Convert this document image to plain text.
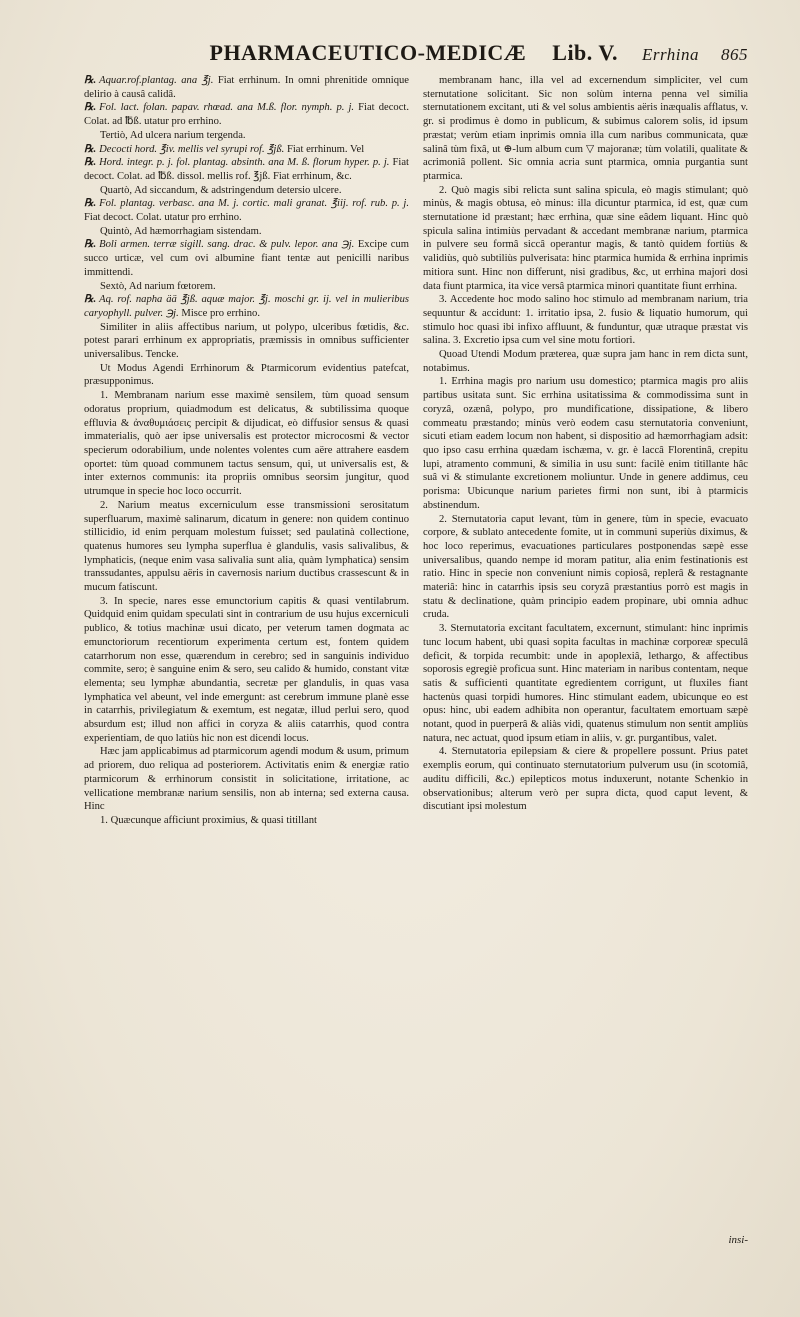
PHARMACEUTICO-MEDICÆ Lib. V. Errhina 865

℞. Aquar.rof.plantag. ana ℥j. Fiat errhinum. In omni phrenitide omnique delirio à causâ calidâ.

℞. Fol. lact. folan. papav. rhœad. ana M.ß. flor. nymph. p. j. Fiat decoct. Colat. ad ℔ß. utatur pro errhino.

Tertiò, Ad ulcera narium tergenda.

℞. Decocti hord. ℥iv. mellis vel syrupi rof. ℥jß. Fiat errhinum. Vel

℞. Hord. integr. p. j. fol. plantag. absinth. ana M. ß. florum hyper. p. j. Fiat decoct. Colat. ad ℔ß. dissol. mellis rof. ℥jß. Fiat errhinum, &c.

Quartò, Ad siccandum, & adstringendum detersio ulcere.

℞. Fol. plantag. verbasc. ana M. j. cortic. mali granat. ℥iij. rof. rub. p. j. Fiat decoct. Colat. utatur pro errhino.

Quintò, Ad hæmorrhagiam sistendam.

℞. Boli armen. terræ sigill. sang. drac. & pulv. lepor. ana ℈j. Excipe cum succo urticæ, vel cum ovi albumine fiant tentæ aut penicilli naribus immittendi.

Sextò, Ad narium fœtorem.

℞. Aq. rof. napha ää ℥jß. aquæ major. ℥j. moschi gr. ij. vel in mulieribus caryophyll. pulver. ℈j. Misce pro errhino.

Similiter in aliis affectibus narium, ut polypo, ulceribus fœtidis, &c. potest parari errhinum ex appropriatis, præmissis in omnibus sufficienter universalibus. Tencke.

Ut Modus Agendi Errhinorum & Ptarmicorum evidentius patefcat, præsupponimus.

1. Membranam narium esse maximè sensilem, tùm quoad sensum odoratus proprium, quiadmodum est delicatus, & subtilissima quoque effluvia & ἀναθυμιάσεις percipit & dijudicat, eò diffusior sensus & quasi immaterialis, quò aer ipse universalis est protector microcosmi & vector specierum odorabilium, unde nolentes volentes cum aëre attrahere easdem oportet: tùm quoad communem tactus sensum, qui, ut universalis est, & inter externos communis: ita propriis omnibus seorsim jungitur, quod utrumque in specie hoc loco occurrit.

2. Narium meatus excerniculum esse transmissioni serositatum superfluarum, maximè salinarum, dicatum in genere: non quidem continuo stillicidio, id enim perquam molestum fuisset; sed paulatinà collectione, quatenus humores seu lympha superflua è glandulis, vasis salivalibus, & lymphaticis, (neque enim vasa salivalia sunt alia, quàm lymphatica) sensim transsudantes, appulsu aëris in cavernosis narium ductibus crassescunt & in mucum fatiscunt.

3. In specie, nares esse emunctorium capitis & quasi ventilabrum. Quidquid enim quidam speculati sint in contrarium de usu hujus excerniculi publico, & totius machinæ usui dicato, per veterum tamen dogmata ac emunctoriorum recentiorum experimenta certum est, fontem quidem catarrhorum non esse, quærendum in cerebro; sed in sanguinis individuo commite, sero; è sanguine enim & sero, seu calido & humido, constant vitæ elementa; seu lymphæ abundantia, secretæ per glandulis, in quas vasa lymphatica vel abeunt, vel inde emergunt: ast cerebrum immune planè esse in catarrhis, privilegiatum & exemtum, est negatæ, illud perlui sero, quod absurdum est; illud non affici in coryza & aliis catarrhis, quod contra experientiam, de quo latiùs hic non est dicendi locus.

Hæc jam applicabimus ad ptarmicorum agendi modum & usum, primum ad priorem, duo reliqua ad posteriorem. Activitatis enim & energiæ ratio ptarmicorum & errhinorum consistit in solicitatione, irritatione, ac vellicatione membranæ narium sensilis, non ab interna; sed externa causa. Hinc

1. Quæcunque afficiunt proximius, & quasi titillant

membranam hanc, illa vel ad excernendum simpliciter, vel cum sternutatione solicitant. Sic non solùm interna penna vel similia sternutationem excitant, uti & vel solus ambientis aëris inæqualis afflatus, v. gr. si prodimus è domo in publicum, & subimus calorem solis, id ipsum præstat; verùm etiam inprimis omnia illa cum naribus communicata, quæ salinâ tùm fixâ, ut ⊕-lum album cum ▽ majoranæ; tùm volatili, qualitate & acrimoniâ pollent. Sic omnia acria sunt ptarmica, omnia purgantia sunt ptarmica.

2. Quò magis sibi relicta sunt salina spicula, eò magis stimulant; quò minùs, & magis obtusa, eò minus: illa dicuntur ptarmica, id est, quæ cum sternutatione id præstant; hæc errhina, quæ sine eâdem liquant. Hinc quò spicula salina intimiùs pervadant & accedant membranæ narium, ptarmica in pulvere seu formâ siccâ operantur magis, & tantò quidem fortiùs & validiùs, quò subtiliùs pulverisata: hinc ptarmica humida & errhina inprimis mitiora sunt. Hinc non differunt, nisi gradibus, &c, ut errhina majori dosi data fiunt ptarmica, ita vice versâ ptarmica minori quantitate fiunt errhina.

3. Accedente hoc modo salino hoc stimulo ad membranam narium, tria sequuntur & accidunt: 1. irritatio ipsa, 2. fusio & liquatio humorum, qui stimulo hoc quasi ibi infixo affluunt, & funduntur, quæ utraque præstat vis salina. 3. Excretio ipsa cum vel sine motu fortiori.

Quoad Utendi Modum præterea, quæ supra jam hanc in rem dicta sunt, notabimus.

1. Errhina magis pro narium usu domestico; ptarmica magis pro aliis partibus usitata sunt. Sic errhina usitatissima & commodissima sunt in coryzâ, ozænâ, polypo, pro mundificatione, dissipatione, & libero commeatu præstando; minùs verò eodem casu sternutatoria conveniunt, sicuti etiam eadem locum non habent, si dispositio ad hæmorrhagiam adsit: quo ipso casu errhina quædam ischæma, v. gr. è laccâ Florentinâ, crepitu lupi, atramento communi, & similia in usu sunt: facilè enim titillante hâc suâ vi & stimulante excretionem moliuntur. Unde in genere addimus, ceu porisma: Ubicunque narium parietes firmi non sunt, ibi à ptarmicis abstinendum.

2. Sternutatoria caput levant, tùm in genere, tùm in specie, evacuato corpore, & sublato antecedente fomite, ut in communi superiùs diximus, & hoc loco reperimus, evacuationes particulares postponendas sæpè esse universalibus, quando nempe id moram patitur, alia enim festinationis est ratio. Hinc in specie non conveniunt nimis copiosâ, replerâ & restagnante materiâ: hinc in catarrhis ipsis seu coryzâ præstantius porrò est magis in statu & declinatione, quàm principio eadem propinare, ubi omnia adhuc cruda.

3. Sternutatoria excitant facultatem, excernunt, stimulant: hinc inprimis tunc locum habent, ubi quasi sopita facultas in machinæ corporeæ speculâ deficit, & torpida recumbit: unde in apoplexiâ, lethargo, & affectibus soporosis egregiè proficua sunt. Hinc materiam in naribus contentam, neque satis & sufficienti quantitate egredientem corrigunt, ut fluxiles fiant hactenùs quasi torpidi humores. Hinc stimulant eadem, ubicunque eo est opus: hinc, ubi eadem adhibita non operantur, facultatem emortuam sæpè notant, quod in puerperâ & aliàs vidi, quatenus stimulum non sentit ampliùs natura, nec actuat, quod ipsum etiam in aliis, v. gr. purgantibus, valet.

4. Sternutatoria epilepsiam & ciere & propellere possunt. Prius patet exemplis eorum, qui continuato sternutatorium pulverum usu (in scotomiâ, auditu difficili, &c.) epilepticos motus induxerunt, notante Schenkio in observationibus; alterum verò per supra dicta, quod caput levent, & discutiant ipsi molestum

insi-
